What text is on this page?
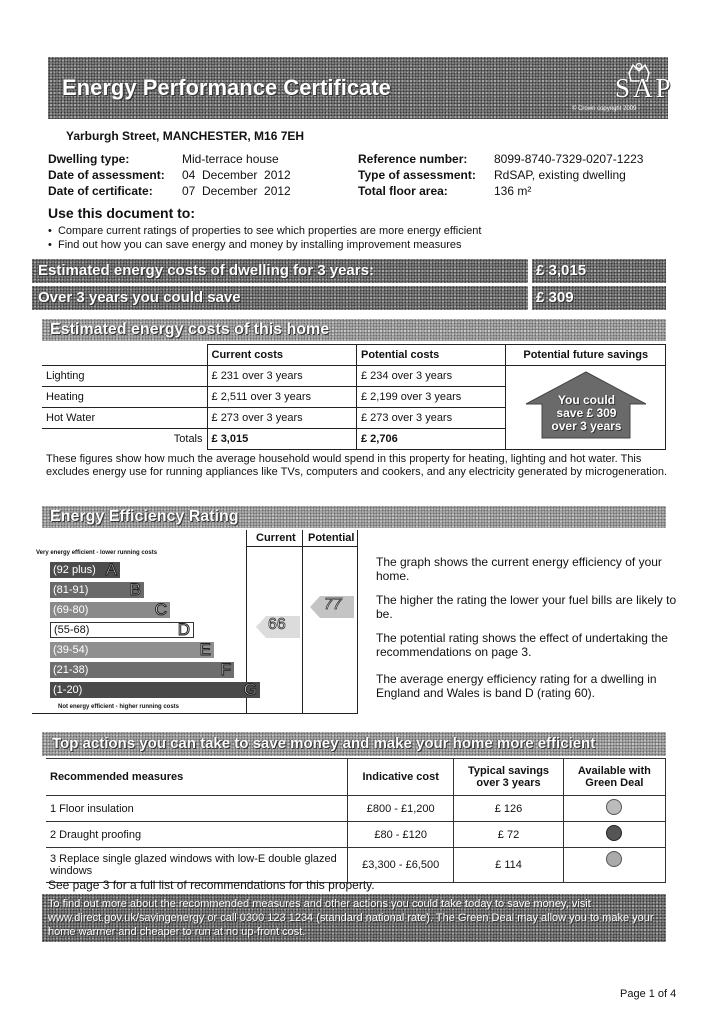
Energy Performance Certificate	SAP
© Crown copyright 2009
Yarburgh Street, MANCHESTER, M16 7EH
Dwelling type:	Mid-terrace house
Date of assessment: 04  December  2012
Date of certificate: 07  December  2012
Reference number: 8099-8740-7329-0207-1223
Type of assessment: RdSAP, existing dwelling
Total floor area:	136 m²
Use this document to:
•  Compare current ratings of properties to see which properties are more energy efficient
•  Find out how you can save energy and money by installing improvement measures
Estimated energy costs of dwelling for 3 years:	£ 3,015
Over 3 years you could save	£ 309
Estimated energy costs of this home
	Current costs	Potential costs	Potential future savings
Lighting	£ 231 over 3 years	£ 234 over 3 years	You could
save £ 309
over 3 years

Heating	£ 2,511 over 3 years	£ 2,199 over 3 years	
Hot Water	£ 273 over 3 years	£ 273 over 3 years	
Totals	£ 3,015	£ 2,706	
These figures show how much the average household would spend in this property for heating, lighting and hot water. This excludes energy use for running appliances like TVs, computers and cookers, and any electricity generated by microgeneration.
Energy Efficiency Rating
Current Potential
Very energy efficient - lower running costs
Not energy efficient - higher running costs
(92 plus) A
(81-91) B
(69-80)	C
(55-68)	D
(39-54)	E
(21-38)	F
(1-20)	G
66
77
The graph shows the current energy efficiency of your home.
The higher the rating the lower your fuel bills are likely to be.
The potential rating shows the effect of undertaking the recommendations on page 3.
The average energy efficiency rating for a dwelling in England and Wales is band D (rating 60).
Top actions you can take to save money and make your home more efficient
Recommended measures	Indicative cost	Typical savings over 3 years	Available with Green Deal
1 Floor insulation	£800 - £1,200	£ 126	
2 Draught proofing	£80 - £120	£ 72	
3 Replace single glazed windows with low-E double glazed windows	£3,300 - £6,500	£ 114	
See page 3 for a full list of recommendations for this property.
To find out more about the recommended measures and other actions you could take today to save money, visit www.direct.gov.uk/savingenergy or call 0300 123 1234 (standard national rate). The Green Deal may allow you to make your home warmer and cheaper to run at no up-front cost.
Page 1 of 4
